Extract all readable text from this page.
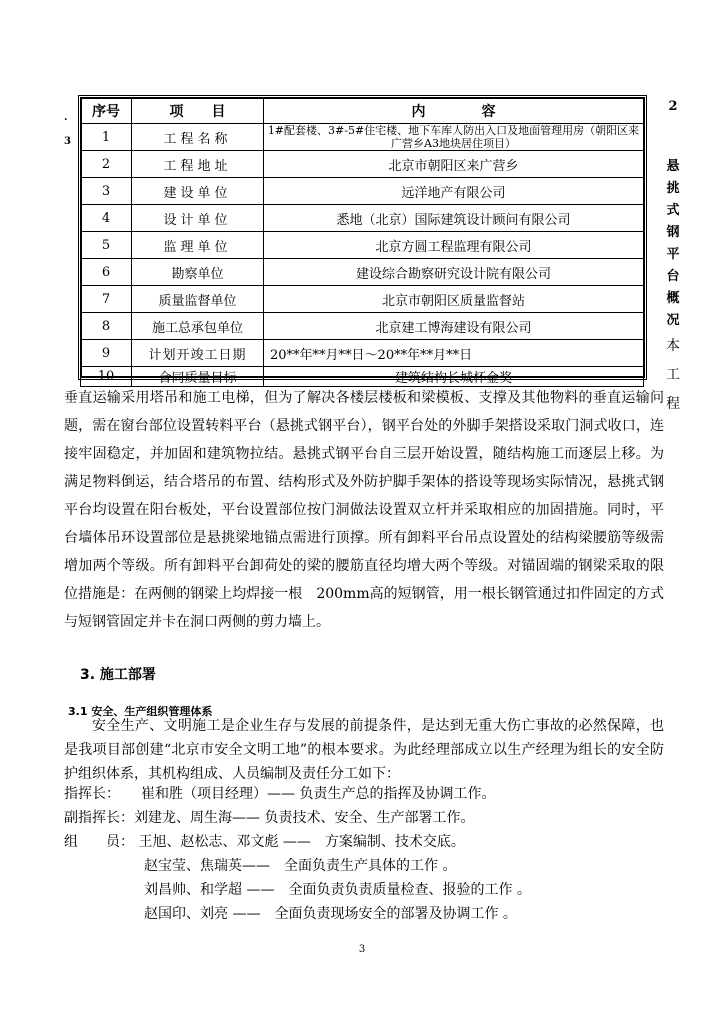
.
3
2
悬
挑
式
钢
平
台
概
况
本
工
程
序号	项　　目	内　　　　容
1	工程名称	1#配套楼、3#-5#住宅楼、地下车库人防出入口及地面管理用房（朝阳区来广营乡A3地块居住项目）
2	工程地址	北京市朝阳区来广营乡
3	建设单位	远洋地产有限公司
4	设计单位	悉地（北京）国际建筑设计顾问有限公司
5	监理单位	北京方圆工程监理有限公司
6	勘察单位	建设综合勘察研究设计院有限公司
7	质量监督单位	北京市朝阳区质量监督站
8	施工总承包单位	北京建工博海建设有限公司
9	计划开竣工日期	20**年**月**日～20**年**月**日
10	合同质量目标	建筑结构长城杯金奖

垂直运输采用塔吊和施工电梯，但为了解决各楼层楼板和梁模板、支撑及其他物料的垂直运输问题，需在窗台部位设置转料平台（悬挑式钢平台），钢平台处的外脚手架搭设采取门洞式收口，连接牢固稳定，并加固和建筑物拉结。悬挑式钢平台自三层开始设置，随结构施工而逐层上移。为满足物料倒运，结合塔吊的布置、结构形式及外防护脚手架体的搭设等现场实际情况，悬挑式钢平台均设置在阳台板处，平台设置部位按门洞做法设置双立杆并采取相应的加固措施。同时，平台墙体吊环设置部位是悬挑梁地锚点需进行顶撑。所有卸料平台吊点设置处的结构梁腰筋等级需增加两个等级。所有卸料平台卸荷处的梁的腰筋直径均增大两个等级。对锚固端的钢梁采取的限位措施是：在两侧的钢梁上均焊接一根　200mm高的短钢管，用一根长钢管通过扣件固定的方式与短钢管固定并卡在洞口两侧的剪力墙上。

3. 施工部署
3.1 安全、生产组织管理体系

安全生产、文明施工是企业生存与发展的前提条件，是达到无重大伤亡事故的必然保障，也是我项目部创建“北京市安全文明工地”的根本要求。为此经理部成立以生产经理为组长的安全防护组织体系，其机构组成、人员编制及责任分工如下：

指挥长：　　崔和胜（项目经理）—— 负责生产总的指挥及协调工作。
副指挥长：刘建龙、周生海—— 负责技术、安全、生产部署工作。
组　　员： 王旭、赵松志、邓文彪 ——　方案编制、技术交底。
赵宝莹、焦瑞英——　全面负责生产具体的工作 。
刘昌帅、和学超 ——　全面负责负责质量检查、报验的工作 。
赵国印、刘亮 ——　全面负责现场安全的部署及协调工作 。
3
